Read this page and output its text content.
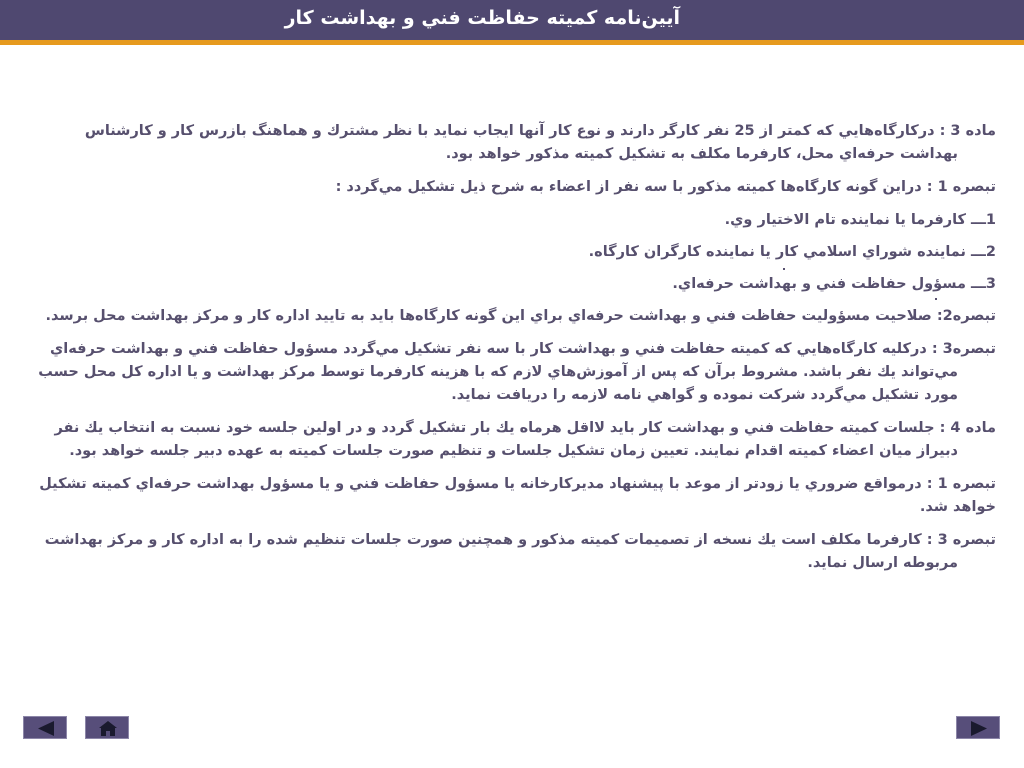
آيين‌نامه كميته حفاظت فني و بهداشت كار

ماده 3 : دركارگاه‌هايي كه كمتر از 25 نفر كارگر دارند و نوع كار آنها ايجاب نمايد با نظر مشترك و هماهنگ بازرس كار و كارشناس بهداشت حرفه‌اي محل، كارفرما مكلف به تشكيل كميته مذكور خواهد بود.

تبصره 1 : دراين گونه كارگاه‌ها كميته مذكور با سه نفر از اعضاء به شرح ذيل تشكيل مي‌گردد :

1ـــ كارفرما يا نماينده تام الاختيار وي.

2ـــ نماينده شوراي اسلامي كار يا نماينده كارگران كارگاه.

3ـــ مسؤول حفاظت فني و بهداشت حرفه‌اي.

تبصره2: صلاحيت مسؤوليت حفاظت فني و بهداشت حرفه‌اي براي اين گونه كارگاه‌ها بايد به تاييد اداره كار و مركز بهداشت محل برسد.

تبصره3 : دركليه كارگاه‌هايي كه كميته حفاظت فني و بهداشت كار با سه نفر تشكيل مي‌گردد مسؤول حفاظت فني و بهداشت حرفه‌اي مي‌تواند يك نفر باشد. مشروط برآن كه پس از آموزش‌هاي لازم كه با هزينه كارفرما توسط مركز بهداشت و يا اداره كل محل حسب مورد تشكيل مي‌گردد شركت نموده و گواهي نامه لازمه را دريافت نمايد.

ماده 4 : جلسات كميته حفاظت فني و بهداشت كار بايد لااقل هرماه يك بار تشكيل گردد و در اولين جلسه خود نسبت به انتخاب يك نفر دبيراز ميان اعضاء كميته اقدام نمايند. تعيين زمان تشكيل جلسات و تنظيم صورت جلسات كميته به عهده دبير جلسه خواهد بود.

تبصره 1 : درمواقع ضروري يا زودتر از موعد با پيشنهاد مديركارخانه يا مسؤول حفاظت فني و يا مسؤول بهداشت حرفه‌اي كميته تشكيل خواهد شد.

تبصره 3 : كارفرما مكلف است يك نسخه از تصميمات كميته مذكور و همچنين صورت جلسات تنظيم شده را به اداره كار و مركز بهداشت مربوطه ارسال نمايد.
